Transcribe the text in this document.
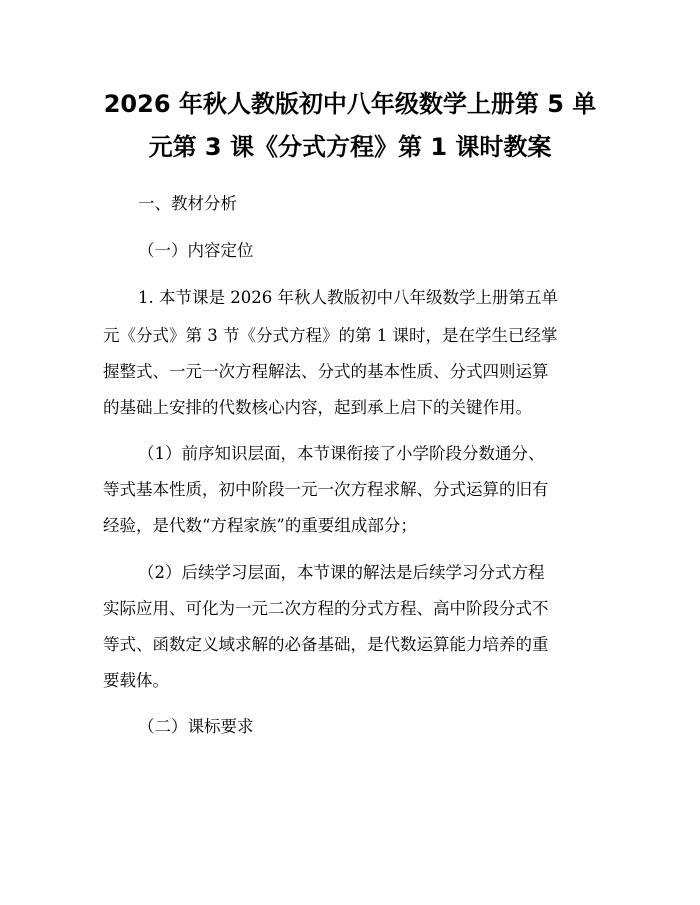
2026 年秋人教版初中八年级数学上册第 5 单
元第 3 课《分式方程》第 1 课时教案
一、教材分析
（一）内容定位
1. 本节课是 2026 年秋人教版初中八年级数学上册第五单
元《分式》第 3 节《分式方程》的第 1 课时，是在学生已经掌
握整式、一元一次方程解法、分式的基本性质、分式四则运算
的基础上安排的代数核心内容，起到承上启下的关键作用。
（1）前序知识层面，本节课衔接了小学阶段分数通分、
等式基本性质，初中阶段一元一次方程求解、分式运算的旧有
经验，是代数“方程家族”的重要组成部分；
（2）后续学习层面，本节课的解法是后续学习分式方程
实际应用、可化为一元二次方程的分式方程、高中阶段分式不
等式、函数定义域求解的必备基础，是代数运算能力培养的重
要载体。
（二）课标要求
